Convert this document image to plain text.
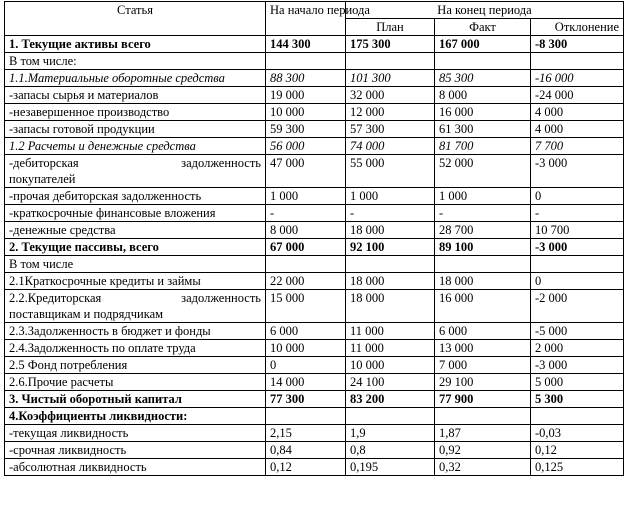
Статья	На начало периода	На конец периода		
		План	Факт	Отклонение
1. Текущие активы всего	144 300	175 300	167 000	-8 300
В том числе:				
1.1.Материальные оборотные средства	88 300	101 300	85 300	-16 000
-запасы сырья и материалов	19 000	32 000	8 000	-24 000
-незавершенное производство	10 000	12 000	16 000	4 000
-запасы готовой продукции	59 300	57 300	61 300	4 000
1.2 Расчеты и денежные средства	56 000	74 000	81 700	7 700

-дебиторская задолженность
покупателей	47 000	55 000	52 000	-3 000
-прочая дебиторская задолженность	1 000	1 000	1 000	0
-краткосрочные финансовые вложения	-	-	-	-
-денежные средства	8 000	18 000	28 700	10 700
2. Текущие пассивы, всего	67 000	92 100	89 100	-3 000
В том числе				
2.1Краткосрочные кредиты и займы	22 000	18 000	18 000	0

2.2.Кредиторская задолженность
поставщикам и подрядчикам	15 000	18 000	16 000	-2 000
2.3.Задолженность в бюджет и фонды	6 000	11 000	6 000	-5 000
2.4.Задолженность по оплате труда	10 000	11 000	13 000	2 000
2.5 Фонд потребления	0	10 000	7 000	-3 000
2.6.Прочие расчеты	14 000	24 100	29 100	5 000
3. Чистый оборотный капитал	77 300	83 200	77 900	5 300
4.Коэффициенты ликвидности:				
-текущая ликвидность	2,15	1,9	1,87	-0,03
-срочная ликвидность	0,84	0,8	0,92	0,12
-абсолютная ликвидность	0,12	0,195	0,32	0,125
